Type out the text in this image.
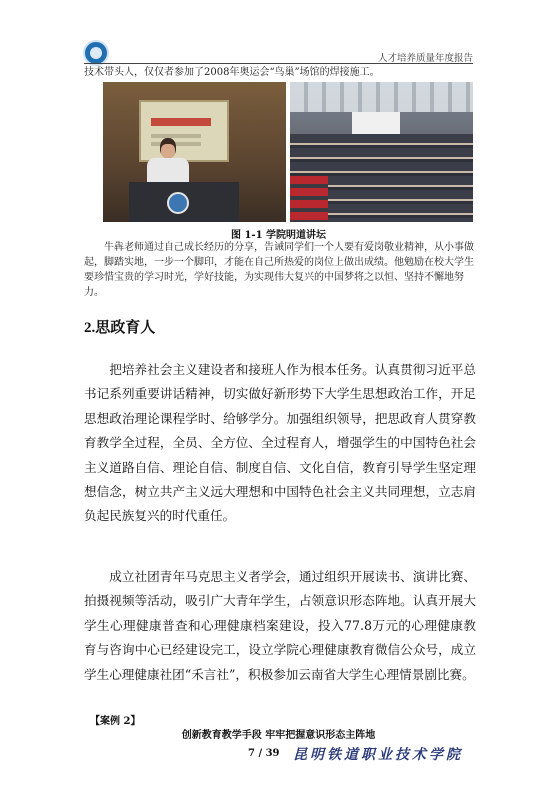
人才培养质量年度报告
技术带头人，仅仅者参加了2008年奥运会“鸟巢”场馆的焊接施工。
图 1-1 学院明道讲坛
牛犇老师通过自己成长经历的分享，告诫同学们一个人要有爱岗敬业精神，从小事做起，脚踏实地，一步一个脚印，才能在自己所热爱的岗位上做出成绩。他勉励在校大学生要珍惜宝贵的学习时光，学好技能，为实现伟大复兴的中国梦将之以恒、坚持不懈地努力。
2.思政育人
把培养社会主义建设者和接班人作为根本任务。认真贯彻习近平总书记系列重要讲话精神，切实做好新形势下大学生思想政治工作，开足思想政治理论课程学时、给够学分。加强组织领导，把思政育人贯穿教育教学全过程，全员、全方位、全过程育人，增强学生的中国特色社会主义道路自信、理论自信、制度自信、文化自信，教育引导学生坚定理想信念，树立共产主义远大理想和中国特色社会主义共同理想，立志肩负起民族复兴的时代重任。
成立社团青年马克思主义者学会，通过组织开展读书、演讲比赛、拍摄视频等活动，吸引广大青年学生，占领意识形态阵地。认真开展大学生心理健康普查和心理健康档案建设，投入77.8万元的心理健康教育与咨询中心已经建设完工，设立学院心理健康教育微信公众号，成立学生心理健康社团“禾言社”，积极参加云南省大学生心理情景剧比赛。
【案例 2】
创新教育教学手段 牢牢把握意识形态主阵地
7 / 39 昆明铁道职业技术学院
